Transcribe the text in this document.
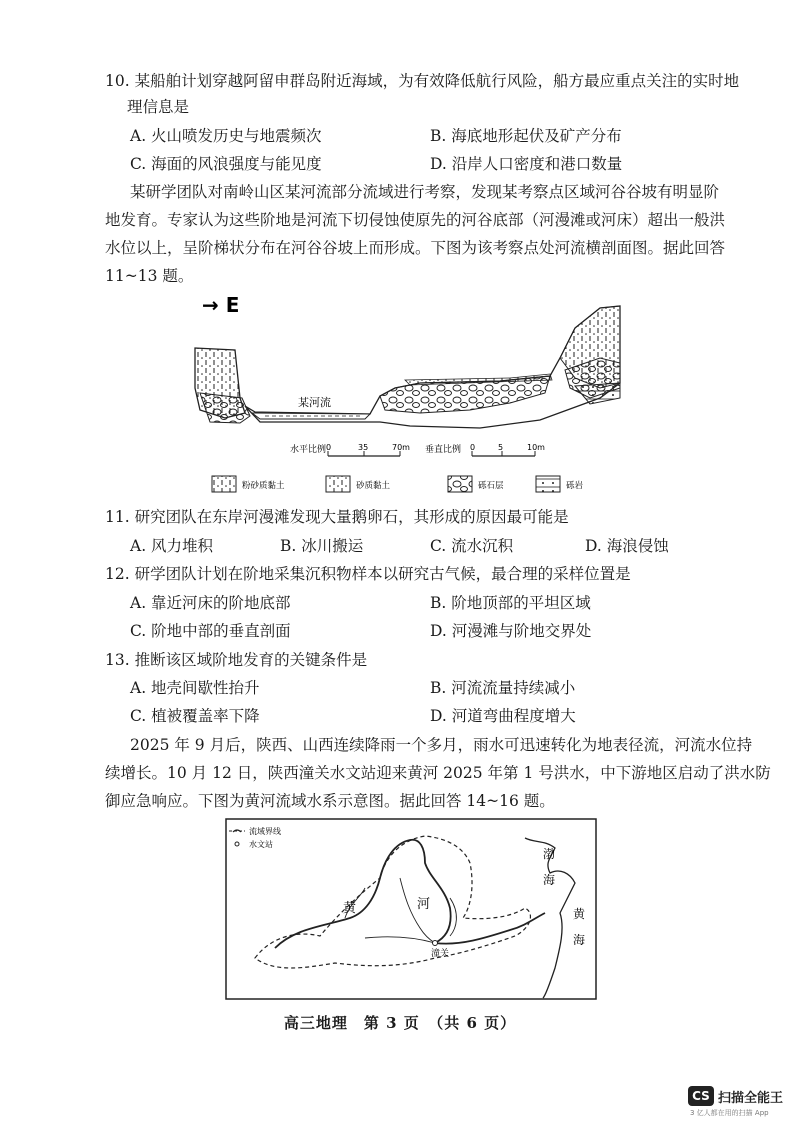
10. 某船舶计划穿越阿留申群岛附近海域，为有效降低航行风险，船方最应重点关注的实时地
理信息是
A. 火山喷发历史与地震频次	B. 海底地形起伏及矿产分布
C. 海面的风浪强度与能见度	D. 沿岸人口密度和港口数量
某研学团队对南岭山区某河流部分流域进行考察，发现某考察点区域河谷谷坡有明显阶
地发育。专家认为这些阶地是河流下切侵蚀使原先的河谷底部（河漫滩或河床）超出一般洪
水位以上，呈阶梯状分布在河谷谷坡上而形成。下图为该考察点处河流横剖面图。据此回答
11~13 题。
→ E
某河流
水平比例 0	35	70m 垂直比例 0	5	10m
粉砂质黏土	砂质黏土	砾石层	砾岩
11. 研究团队在东岸河漫滩发现大量鹅卵石，其形成的原因最可能是
A. 风力堆积	B. 冰川搬运	C. 流水沉积	D. 海浪侵蚀
12. 研学团队计划在阶地采集沉积物样本以研究古气候，最合理的采样位置是
A. 靠近河床的阶地底部	B. 阶地顶部的平坦区域
C. 阶地中部的垂直剖面	D. 河漫滩与阶地交界处
13. 推断该区域阶地发育的关键条件是
A. 地壳间歇性抬升	B. 河流流量持续减小
C. 植被覆盖率下降	D. 河道弯曲程度增大
2025 年 9 月后，陕西、山西连续降雨一个多月，雨水可迅速转化为地表径流，河流水位持
续增长。10 月 12 日，陕西潼关水文站迎来黄河 2025 年第 1 号洪水，中下游地区启动了洪水防
御应急响应。下图为黄河流域水系示意图。据此回答 14~16 题。
流域界线
水文站
潼关
黄	河
渤
海
黄
海
高三地理　第 3 页　（共 6 页）
CS 扫描全能王
3 亿人都在用的扫描 App
